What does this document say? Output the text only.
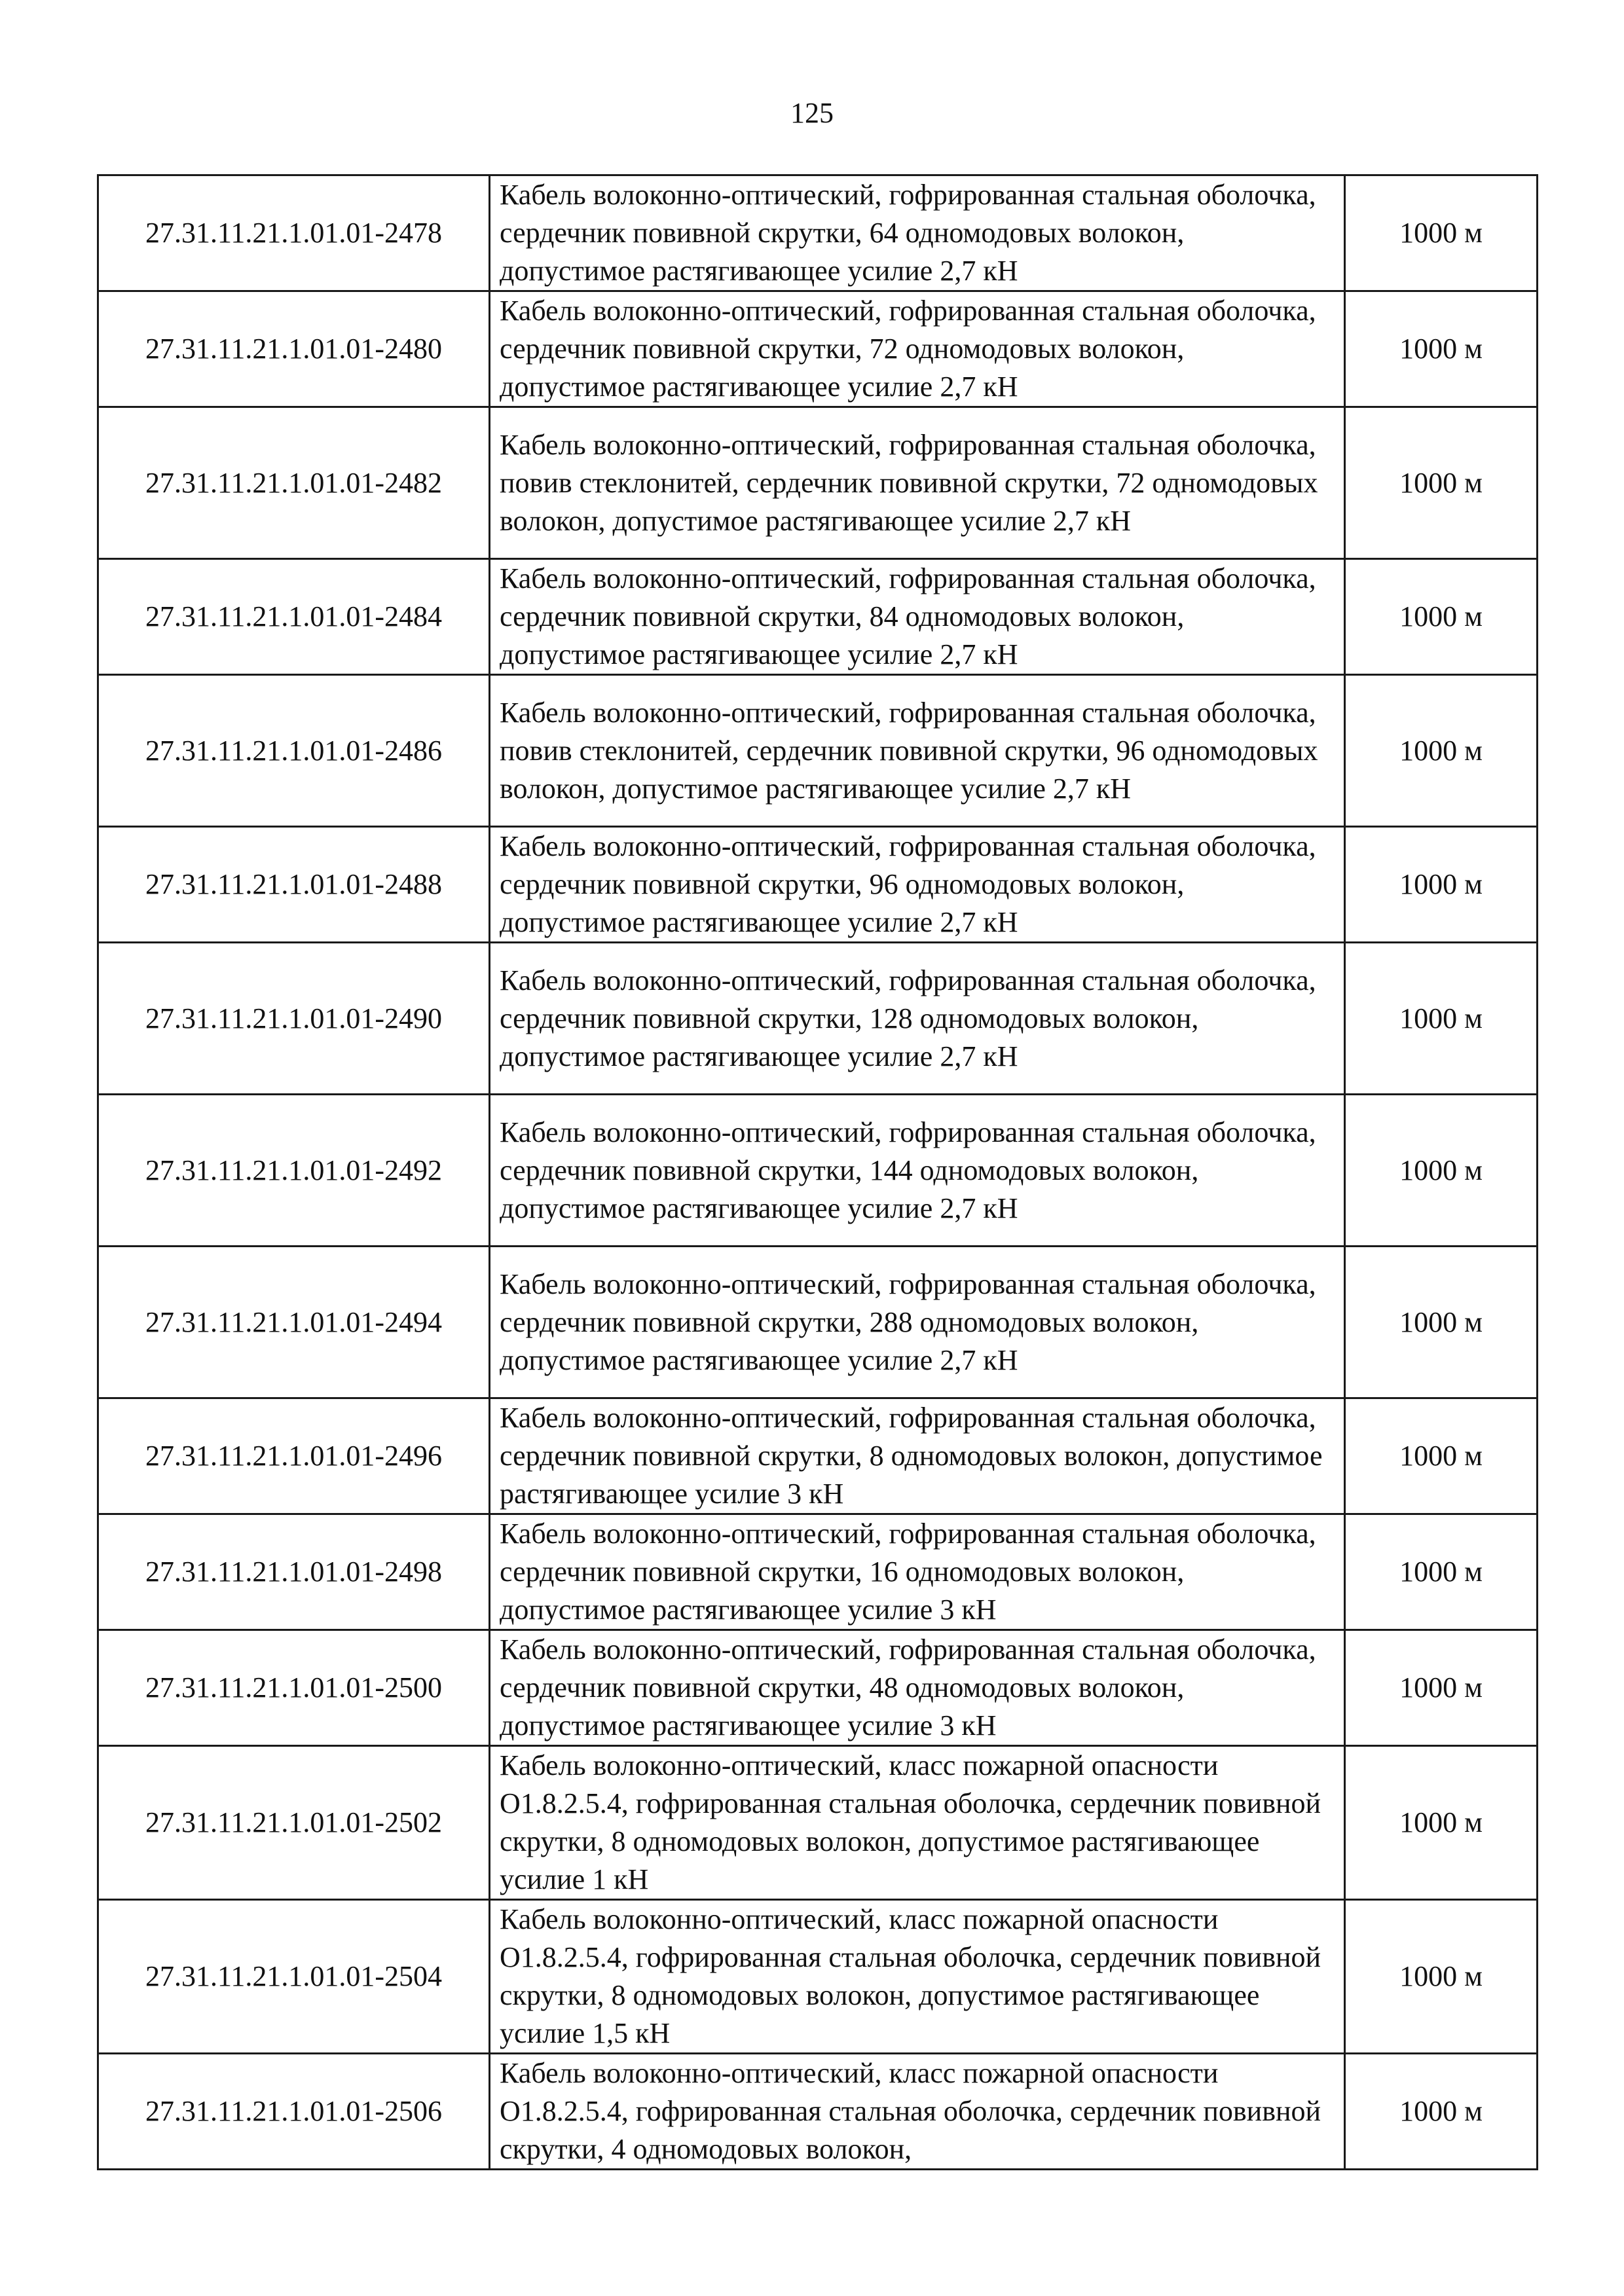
125
27.31.11.21.1.01.01-2478	Кабель волоконно-оптический, гофрированная стальная оболочка, сердечник повивной скрутки, 64 одномодовых волокон, допустимое растягивающее усилие 2,7 кН	1000 м
27.31.11.21.1.01.01-2480	Кабель волоконно-оптический, гофрированная стальная оболочка, сердечник повивной скрутки, 72 одномодовых волокон, допустимое растягивающее усилие 2,7 кН	1000 м
27.31.11.21.1.01.01-2482	Кабель волоконно-оптический, гофрированная стальная оболочка, повив стеклонитей, сердечник повивной скрутки, 72 одномодовых волокон, допустимое растягивающее усилие 2,7 кН	1000 м
27.31.11.21.1.01.01-2484	Кабель волоконно-оптический, гофрированная стальная оболочка, сердечник повивной скрутки, 84 одномодовых волокон, допустимое растягивающее усилие 2,7 кН	1000 м
27.31.11.21.1.01.01-2486	Кабель волоконно-оптический, гофрированная стальная оболочка, повив стеклонитей, сердечник повивной скрутки, 96 одномодовых волокон, допустимое растягивающее усилие 2,7 кН	1000 м
27.31.11.21.1.01.01-2488	Кабель волоконно-оптический, гофрированная стальная оболочка, сердечник повивной скрутки, 96 одномодовых волокон, допустимое растягивающее усилие 2,7 кН	1000 м
27.31.11.21.1.01.01-2490	Кабель волоконно-оптический, гофрированная стальная оболочка, сердечник повивной скрутки, 128 одномодовых волокон, допустимое растягивающее усилие 2,7 кН	1000 м
27.31.11.21.1.01.01-2492	Кабель волоконно-оптический, гофрированная стальная оболочка, сердечник повивной скрутки, 144 одномодовых волокон, допустимое растягивающее усилие 2,7 кН	1000 м
27.31.11.21.1.01.01-2494	Кабель волоконно-оптический, гофрированная стальная оболочка, сердечник повивной скрутки, 288 одномодовых волокон, допустимое растягивающее усилие 2,7 кН	1000 м
27.31.11.21.1.01.01-2496	Кабель волоконно-оптический, гофрированная стальная оболочка, сердечник повивной скрутки, 8 одномодовых волокон, допустимое растягивающее усилие 3 кН	1000 м
27.31.11.21.1.01.01-2498	Кабель волоконно-оптический, гофрированная стальная оболочка, сердечник повивной скрутки, 16 одномодовых волокон, допустимое растягивающее усилие 3 кН	1000 м
27.31.11.21.1.01.01-2500	Кабель волоконно-оптический, гофрированная стальная оболочка, сердечник повивной скрутки, 48 одномодовых волокон, допустимое растягивающее усилие 3 кН	1000 м
27.31.11.21.1.01.01-2502	Кабель волоконно-оптический, класс пожарной опасности О1.8.2.5.4, гофрированная стальная оболочка, сердечник повивной скрутки, 8 одномодовых волокон, допустимое растягивающее усилие 1 кН	1000 м
27.31.11.21.1.01.01-2504	Кабель волоконно-оптический, класс пожарной опасности О1.8.2.5.4, гофрированная стальная оболочка, сердечник повивной скрутки, 8 одномодовых волокон, допустимое растягивающее усилие 1,5 кН	1000 м
27.31.11.21.1.01.01-2506	Кабель волоконно-оптический, класс пожарной опасности О1.8.2.5.4, гофрированная стальная оболочка, сердечник повивной скрутки, 4 одномодовых волокон,	1000 м
